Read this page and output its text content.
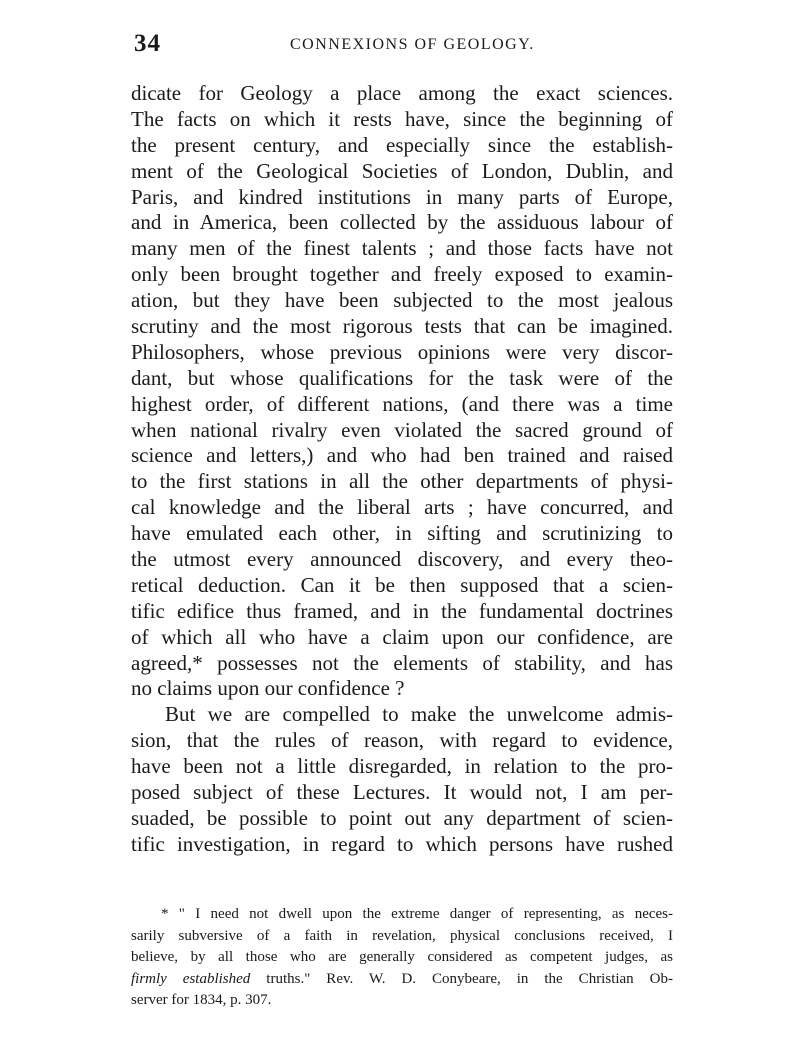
34	CONNEXIONS OF GEOLOGY.
dicate for Geology a place among the exact sciences.
The facts on which it rests have, since the beginning of
the present century, and especially since the establish-
ment of the Geological Societies of London, Dublin, and
Paris, and kindred institutions in many parts of Europe,
and in America, been collected by the assiduous labour of
many men of the finest talents ; and those facts have not
only been brought together and freely exposed to examin-
ation, but they have been subjected to the most jealous
scrutiny and the most rigorous tests that can be imagined.
Philosophers, whose previous opinions were very discor-
dant, but whose qualifications for the task were of the
highest order, of different nations, (and there was a time
when national rivalry even violated the sacred ground of
science and letters,) and who had ben trained and raised
to the first stations in all the other departments of physi-
cal knowledge and the liberal arts ; have concurred, and
have emulated each other, in sifting and scrutinizing to
the utmost every announced discovery, and every theo-
retical deduction. Can it be then supposed that a scien-
tific edifice thus framed, and in the fundamental doctrines
of which all who have a claim upon our confidence, are
agreed,* possesses not the elements of stability, and has
no claims upon our confidence ?
But we are compelled to make the unwelcome admis-
sion, that the rules of reason, with regard to evidence,
have been not a little disregarded, in relation to the pro-
posed subject of these Lectures. It would not, I am per-
suaded, be possible to point out any department of scien-
tific investigation, in regard to which persons have rushed
* " I need not dwell upon the extreme danger of representing, as neces-
sarily subversive of a faith in revelation, physical conclusions received, I
believe, by all those who are generally considered as competent judges, as
firmly established truths." Rev. W. D. Conybeare, in the Christian Ob-
server for 1834, p. 307.
